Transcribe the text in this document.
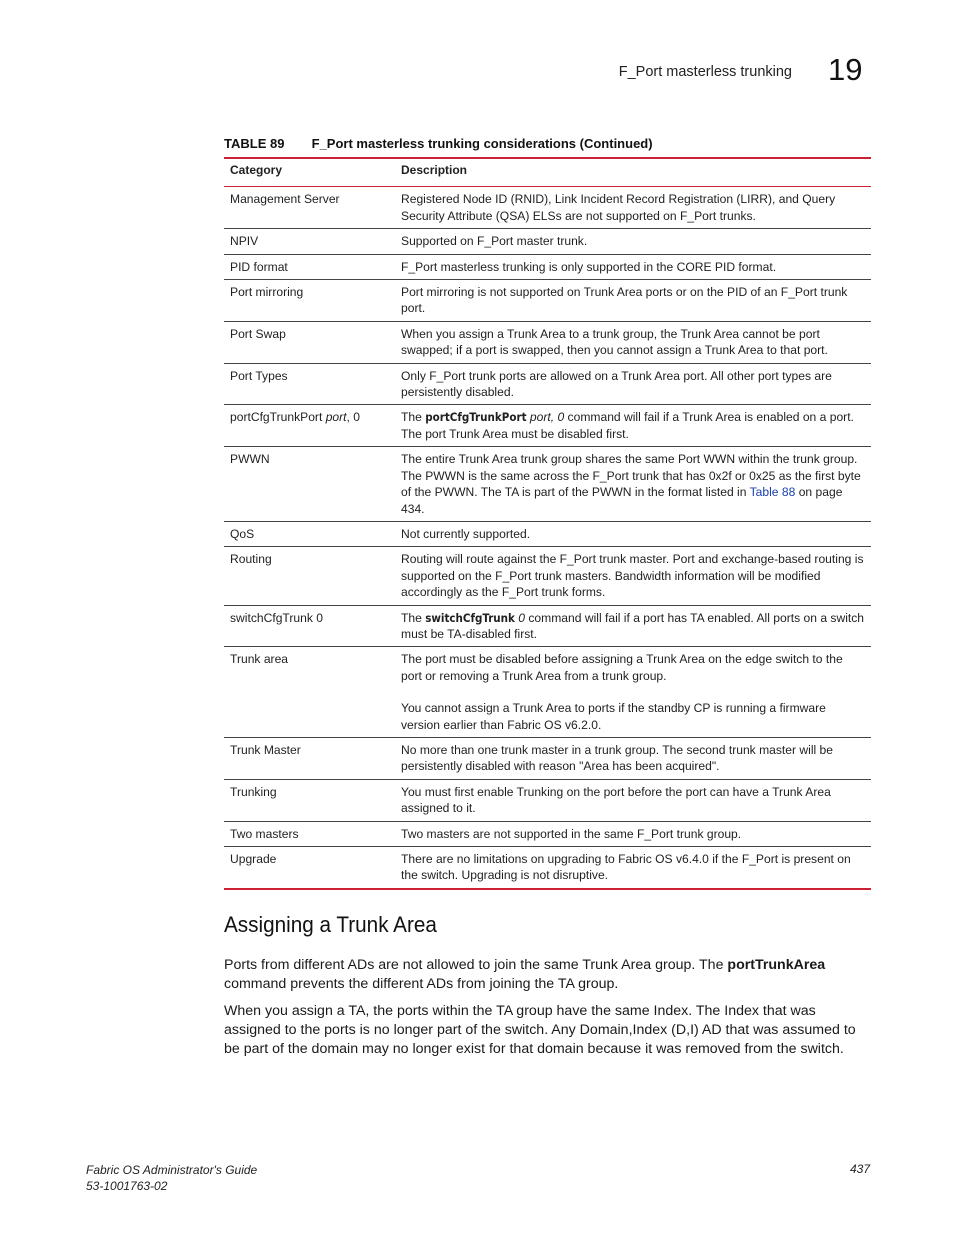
F_Port masterless trunking 19
TABLE 89 F_Port masterless trunking considerations (Continued)
Category	Description
Management Server	Registered Node ID (RNID), Link Incident Record Registration (LIRR), and Query Security Attribute (QSA) ELSs are not supported on F_Port trunks.
NPIV	Supported on F_Port master trunk.
PID format	F_Port masterless trunking is only supported in the CORE PID format.
Port mirroring	Port mirroring is not supported on Trunk Area ports or on the PID of an F_Port trunk port.
Port Swap	When you assign a Trunk Area to a trunk group, the Trunk Area cannot be port swapped; if a port is swapped, then you cannot assign a Trunk Area to that port.
Port Types	Only F_Port trunk ports are allowed on a Trunk Area port. All other port types are persistently disabled.
portCfgTrunkPort port, 0	The portCfgTrunkPort port, 0 command will fail if a Trunk Area is enabled on a port. The port Trunk Area must be disabled first.
PWWN	The entire Trunk Area trunk group shares the same Port WWN within the trunk group. The PWWN is the same across the F_Port trunk that has 0x2f or 0x25 as the first byte of the PWWN. The TA is part of the PWWN in the format listed in Table 88 on page 434.
QoS	Not currently supported.
Routing	Routing will route against the F_Port trunk master. Port and exchange-based routing is supported on the F_Port trunk masters. Bandwidth information will be modified accordingly as the F_Port trunk forms.
switchCfgTrunk 0	The switchCfgTrunk 0 command will fail if a port has TA enabled. All ports on a switch must be TA-disabled first.
Trunk area	The port must be disabled before assigning a Trunk Area on the edge switch to the port or removing a Trunk Area from a trunk group.
You cannot assign a Trunk Area to ports if the standby CP is running a firmware version earlier than Fabric OS v6.2.0.

Trunk Master	No more than one trunk master in a trunk group. The second trunk master will be persistently disabled with reason "Area has been acquired".
Trunking	You must first enable Trunking on the port before the port can have a Trunk Area assigned to it.
Two masters	Two masters are not supported in the same F_Port trunk group.
Upgrade	There are no limitations on upgrading to Fabric OS v6.4.0 if the F_Port is present on the switch. Upgrading is not disruptive.
Assigning a Trunk Area

Ports from different ADs are not allowed to join the same Trunk Area group. The portTrunkArea command prevents the different ADs from joining the TA group.

When you assign a TA, the ports within the TA group have the same Index. The Index that was assigned to the ports is no longer part of the switch. Any Domain,Index (D,I) AD that was assumed to be part of the domain may no longer exist for that domain because it was removed from the switch.

Fabric OS Administrator's Guide
53-1001763-02
437
